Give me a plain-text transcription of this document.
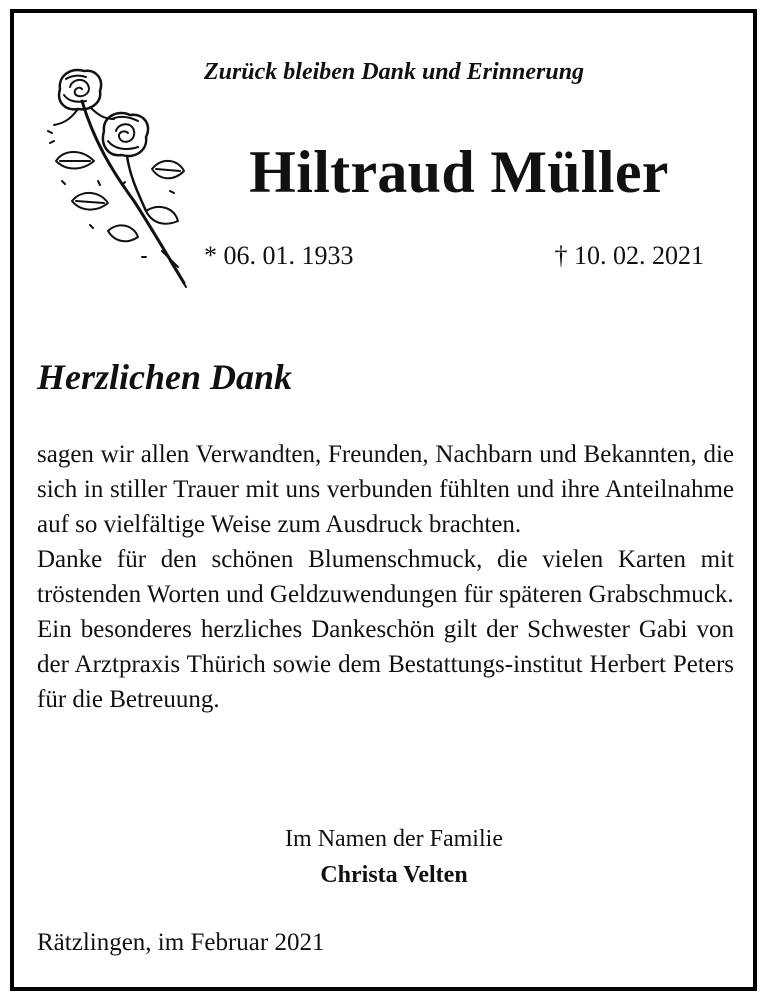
Zurück bleiben Dank und Erinnerung
Hiltraud Müller
* 06. 01. 1933	† 10. 02. 2021
Herzlichen Dank

sagen wir allen Verwandten, Freunden, Nachbarn und Bekannten, die sich in stiller Trauer mit uns verbunden fühlten und ihre Anteilnahme auf so vielfältige Weise zum Ausdruck brachten.

Danke für den schönen Blumenschmuck, die vielen Karten mit tröstenden Worten und Geldzuwendungen für späteren Grabschmuck.

Ein besonderes herzliches Dankeschön gilt der Schwester Gabi von der Arztpraxis Thürich sowie dem Bestattungs-institut Herbert Peters für die Betreuung.

Im Namen der Familie
Christa Velten
Rätzlingen, im Februar 2021
